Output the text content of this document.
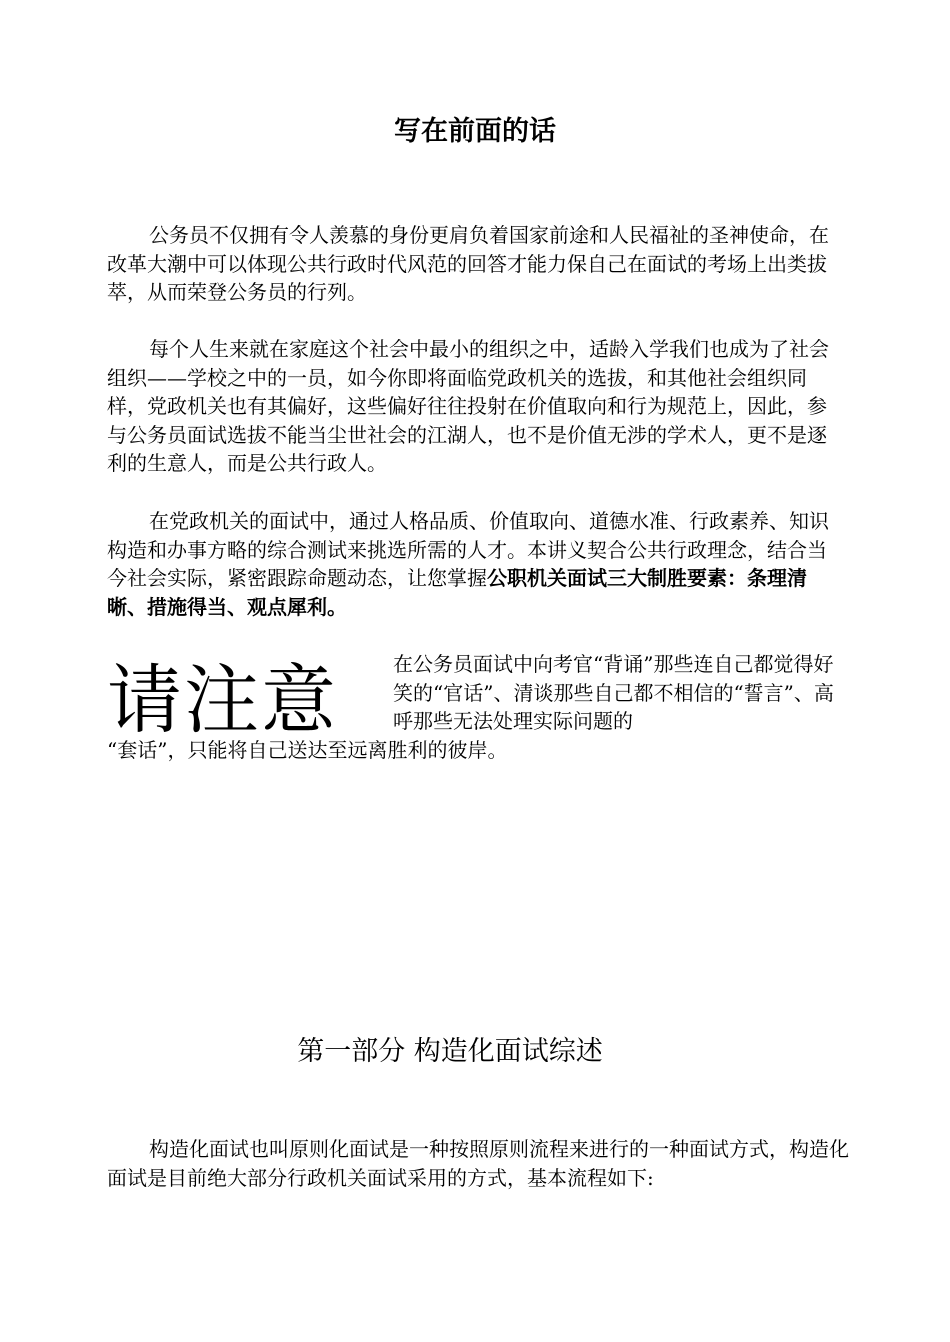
写在前面的话

公务员不仅拥有令人羡慕的身份更肩负着国家前途和人民福祉的圣神使命，在改革大潮中可以体现公共行政时代风范的回答才能力保自己在面试的考场上出类拔萃，从而荣登公务员的行列。

每个人生来就在家庭这个社会中最小的组织之中，适龄入学我们也成为了社会组织——学校之中的一员，如今你即将面临党政机关的选拔，和其他社会组织同样，党政机关也有其偏好，这些偏好往往投射在价值取向和行为规范上，因此，参与公务员面试选拔不能当尘世社会的江湖人，也不是价值无涉的学术人，更不是逐利的生意人，而是公共行政人。

在党政机关的面试中，通过人格品质、价值取向、道德水准、行政素养、知识构造和办事方略的综合测试来挑选所需的人才。本讲义契合公共行政理念，结合当今社会实际，紧密跟踪命题动态，让您掌握公职机关面试三大制胜要素：条理清晰、措施得当、观点犀利。

请注意	在公务员面试中向考官“背诵”那些连自己都觉得好笑的“官话”、清谈那些自己都不相信的“誓言”、高呼那些无法处理实际问题的

“套话”，只能将自己送达至远离胜利的彼岸。

第一部分 构造化面试综述

构造化面试也叫原则化面试是一种按照原则流程来进行的一种面试方式，构造化面试是目前绝大部分行政机关面试采用的方式，基本流程如下:
